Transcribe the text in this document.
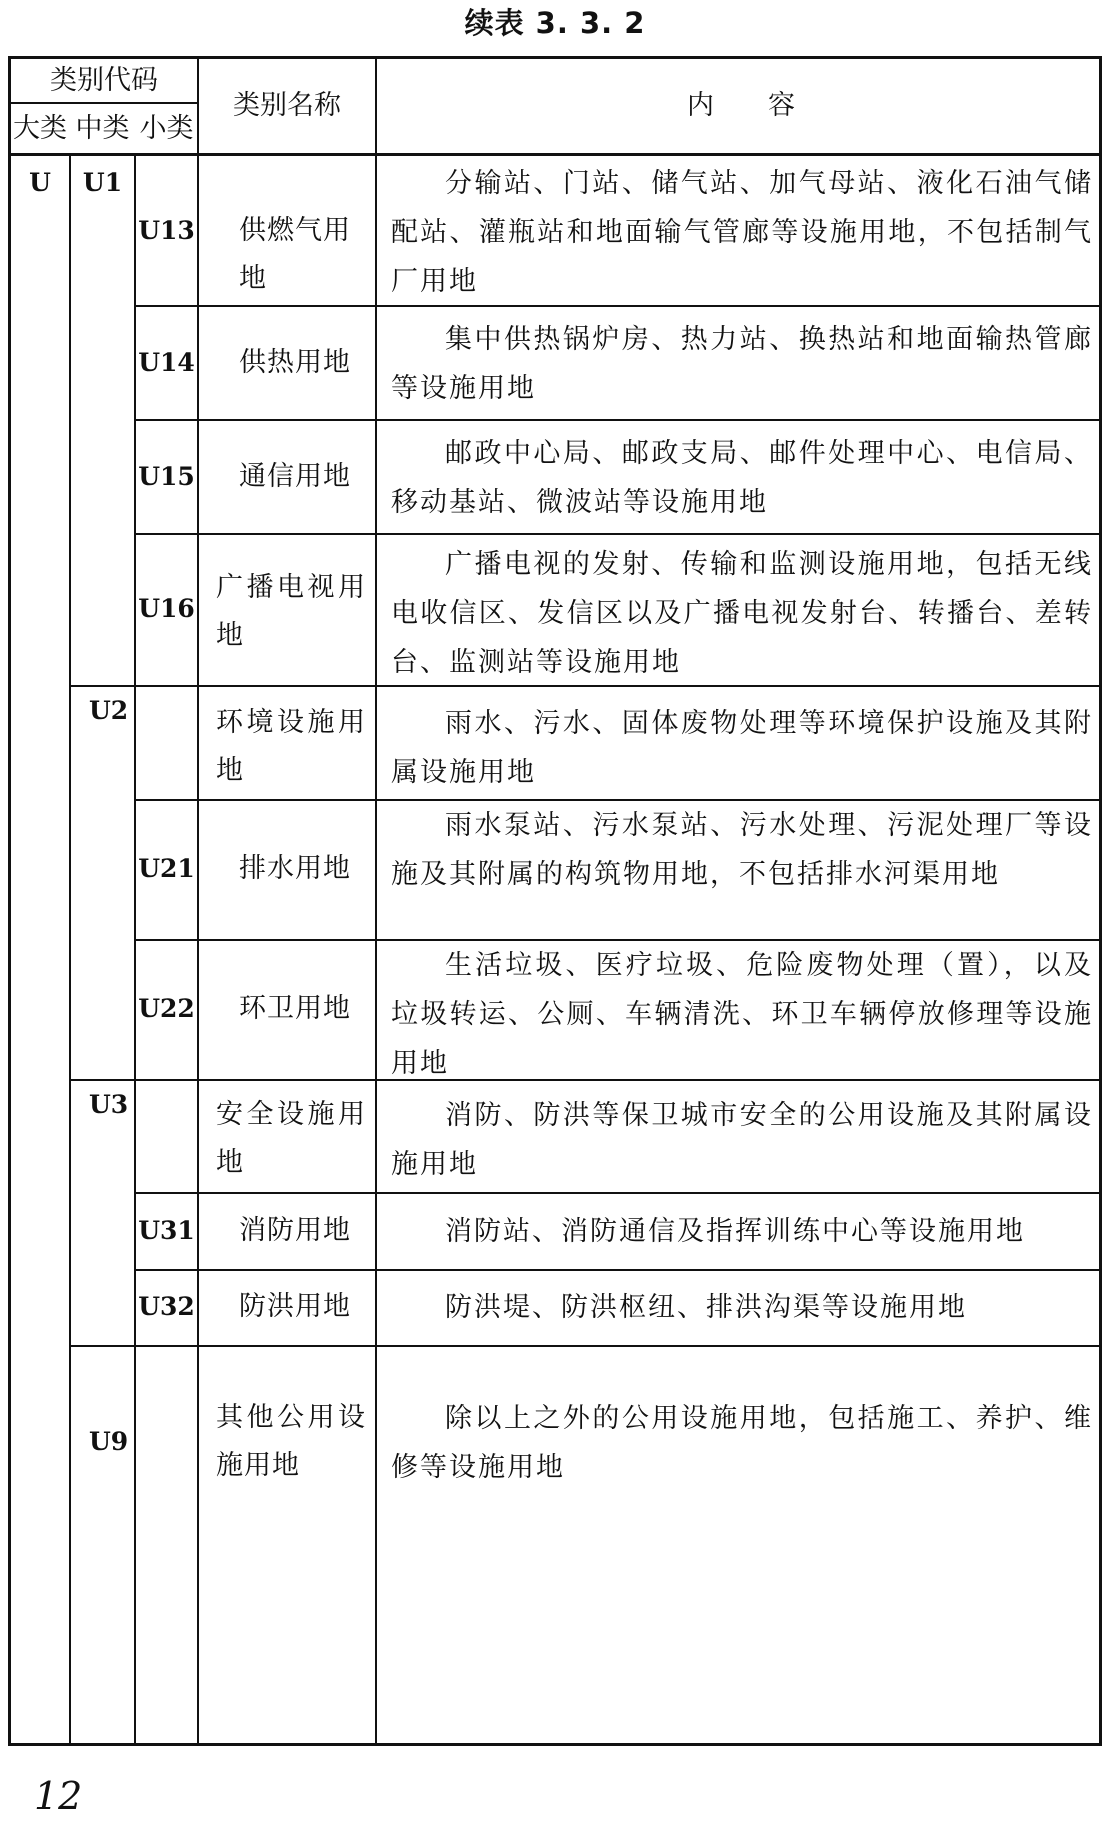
续表 3. 3. 2
类别代码
大类 中类 小类
类别名称	内　　容
U	U1
U2
U3
U9
U13
U14
U15
U16
U21
U22
U31
U32
供燃气用地
供热用地
通信用地
广播电视用地
环境设施用地
排水用地
环卫用地
安全设施用地
消防用地
防洪用地
其他公用设施用地
分输站、门站、储气站、加气母站、液化石油气储配站、灌瓶站和地面输气管廊等设施用地，不包括制气厂用地
集中供热锅炉房、热力站、换热站和地面输热管廊等设施用地
邮政中心局、邮政支局、邮件处理中心、电信局、移动基站、微波站等设施用地
广播电视的发射、传输和监测设施用地，包括无线电收信区、发信区以及广播电视发射台、转播台、差转台、监测站等设施用地
雨水、污水、固体废物处理等环境保护设施及其附属设施用地
雨水泵站、污水泵站、污水处理、污泥处理厂等设施及其附属的构筑物用地，不包括排水河渠用地
生活垃圾、医疗垃圾、危险废物处理（置），以及垃圾转运、公厕、车辆清洗、环卫车辆停放修理等设施用地
消防、防洪等保卫城市安全的公用设施及其附属设施用地
消防站、消防通信及指挥训练中心等设施用地
防洪堤、防洪枢纽、排洪沟渠等设施用地
除以上之外的公用设施用地，包括施工、养护、维修等设施用地
12
